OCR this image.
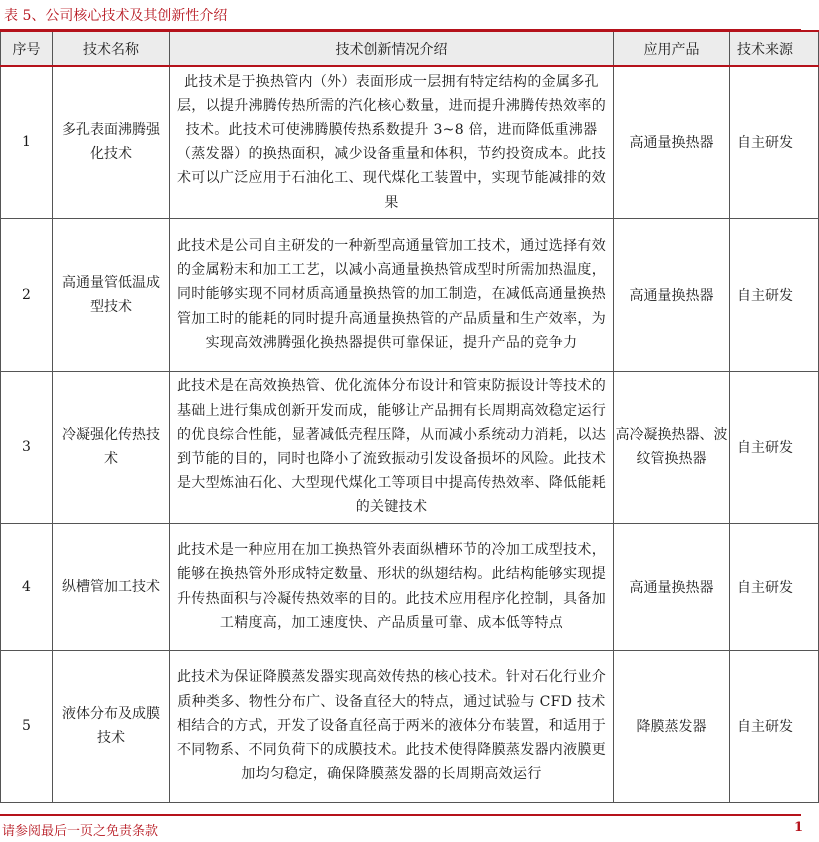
表 5、公司核心技术及其创新性介绍
序号	技术名称	技术创新情况介绍	应用产品	技术来源
1	多孔表面沸腾强化技术	此技术是于换热管内（外）表面形成一层拥有特定结构的金属多孔层，以提升沸腾传热所需的汽化核心数量，进而提升沸腾传热效率的技术。此技术可使沸腾膜传热系数提升 3~8 倍，进而降低重沸器（蒸发器）的换热面积，减少设备重量和体积，节约投资成本。此技术可以广泛应用于石油化工、现代煤化工装置中，实现节能减排的效果	高通量换热器	自主研发
2	高通量管低温成型技术	此技术是公司自主研发的一种新型高通量管加工技术，通过选择有效的金属粉末和加工工艺，以减小高通量换热管成型时所需加热温度，同时能够实现不同材质高通量换热管的加工制造，在减低高通量换热管加工时的能耗的同时提升高通量换热管的产品质量和生产效率，为实现高效沸腾强化换热器提供可靠保证，提升产品的竞争力	高通量换热器	自主研发
3	冷凝强化传热技术	此技术是在高效换热管、优化流体分布设计和管束防振设计等技术的基础上进行集成创新开发而成，能够让产品拥有长周期高效稳定运行的优良综合性能，显著减低壳程压降，从而减小系统动力消耗，以达到节能的目的，同时也降小了流致振动引发设备损坏的风险。此技术是大型炼油石化、大型现代煤化工等项目中提高传热效率、降低能耗的关键技术	高冷凝换热器、波纹管换热器	自主研发
4	纵槽管加工技术	此技术是一种应用在加工换热管外表面纵槽环节的冷加工成型技术，能够在换热管外形成特定数量、形状的纵翅结构。此结构能够实现提升传热面积与冷凝传热效率的目的。此技术应用程序化控制，具备加工精度高，加工速度快、产品质量可靠、成本低等特点	高通量换热器	自主研发
5	液体分布及成膜技术	此技术为保证降膜蒸发器实现高效传热的核心技术。针对石化行业介质种类多、物性分布广、设备直径大的特点，通过试验与 CFD 技术相结合的方式，开发了设备直径高于两米的液体分布装置，和适用于不同物系、不同负荷下的成膜技术。此技术使得降膜蒸发器内液膜更加均匀稳定，确保降膜蒸发器的长周期高效运行	降膜蒸发器	自主研发
请参阅最后一页之免责条款	1
